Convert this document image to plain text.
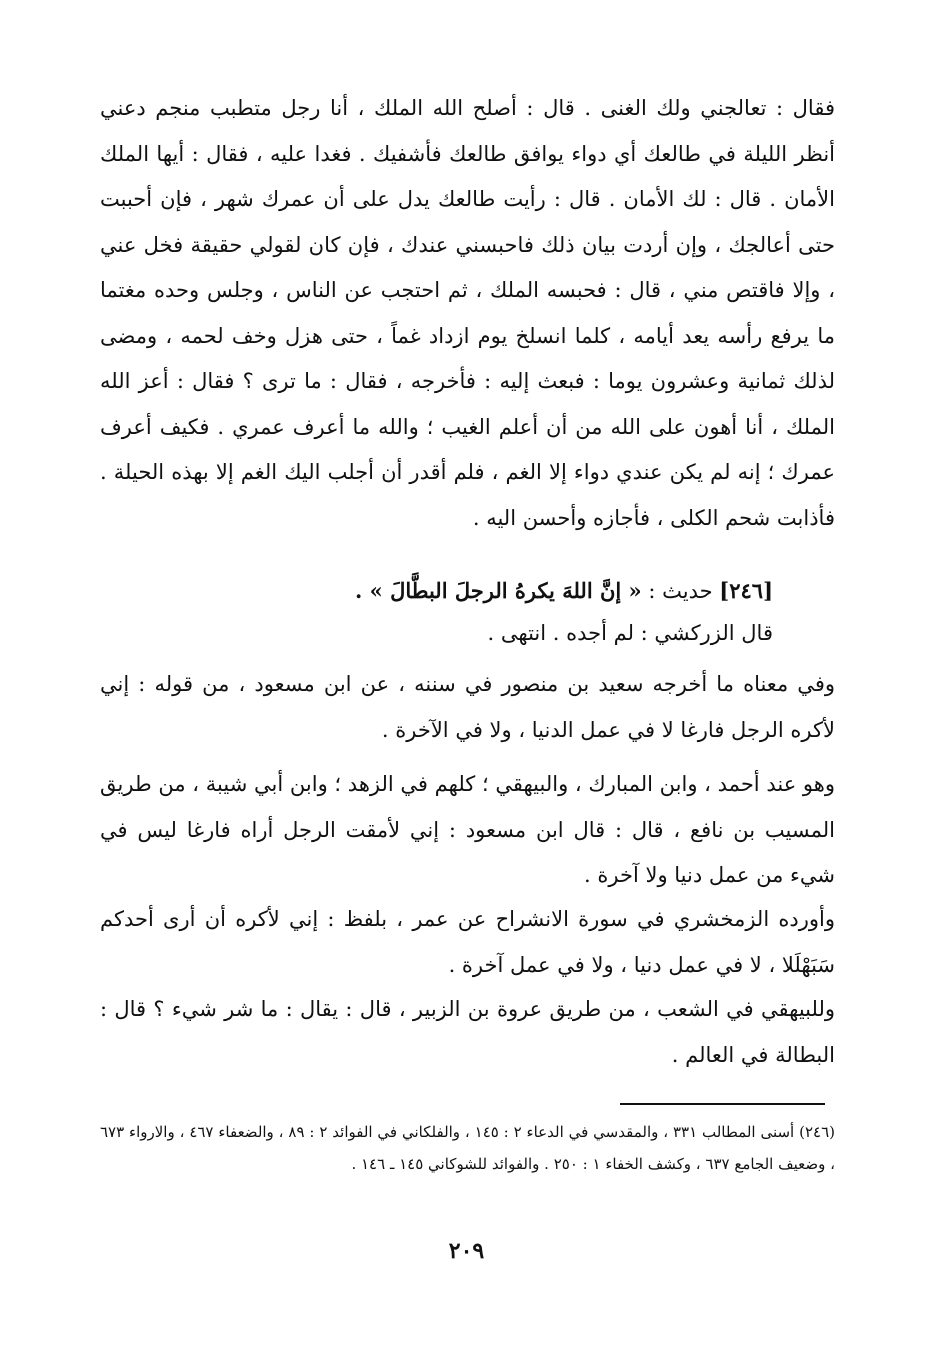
فقال : تعالجني ولك الغنى . قال : أصلح الله الملك ، أنا رجل متطبب منجم دعني أنظر الليلة في طالعك أي دواء يوافق طالعك فأشفيك . فغدا عليه ، فقال : أيها الملك الأمان . قال : لك الأمان . قال : رأيت طالعك يدل على أن عمرك شهر ، فإن أحببت حتى أعالجك ، وإن أردت بيان ذلك فاحبسني عندك ، فإن كان لقولي حقيقة فخل عني ، وإلا فاقتص مني ، قال : فحبسه الملك ، ثم احتجب عن الناس ، وجلس وحده مغتما ما يرفع رأسه يعد أيامه ، كلما انسلخ يوم ازداد غماً ، حتى هزل وخف لحمه ، ومضى لذلك ثمانية وعشرون يوما : فبعث إليه : فأخرجه ، فقال : ما ترى ؟ فقال : أعز الله الملك ، أنا أهون على الله من أن أعلم الغيب ؛ والله ما أعرف عمري . فكيف أعرف عمرك ؛ إنه لم يكن عندي دواء إلا الغم ، فلم أقدر أن أجلب اليك الغم إلا بهذه الحيلة . فأذابت شحم الكلى ، فأجازه وأحسن اليه .

[٢٤٦] حديث : « إنَّ اللهَ يكرهُ الرجلَ البطَّالَ » .

قال الزركشي : لم أجده . انتهى .

وفي معناه ما أخرجه سعيد بن منصور في سننه ، عن ابن مسعود ، من قوله : إني لأكره الرجل فارغا لا في عمل الدنيا ، ولا في الآخرة .

وهو عند أحمد ، وابن المبارك ، والبيهقي ؛ كلهم في الزهد ؛ وابن أبي شيبة ، من طريق المسيب بن نافع ، قال : قال ابن مسعود : إني لأمقت الرجل أراه فارغا ليس في شيء من عمل دنيا ولا آخرة .

وأورده الزمخشري في سورة الانشراح عن عمر ، بلفظ : إني لأكره أن أرى أحدكم سَبَهْلَلا ، لا في عمل دنيا ، ولا في عمل آخرة .

وللبيهقي في الشعب ، من طريق عروة بن الزبير ، قال : يقال : ما شر شيء ؟ قال : البطالة في العالم .

(٢٤٦) أسنى المطالب ٣٣١ ، والمقدسي في الدعاء ٢ : ١٤٥ ، والفلكاني في الفوائد ٢ : ٨٩ ، والضعفاء ٤٦٧ ، والارواء ٦٧٣ ، وضعيف الجامع ٦٣٧ ، وكشف الخفاء ١ : ٢٥٠ . والفوائد للشوكاني ١٤٥ ـ ١٤٦ .

٢٠٩
